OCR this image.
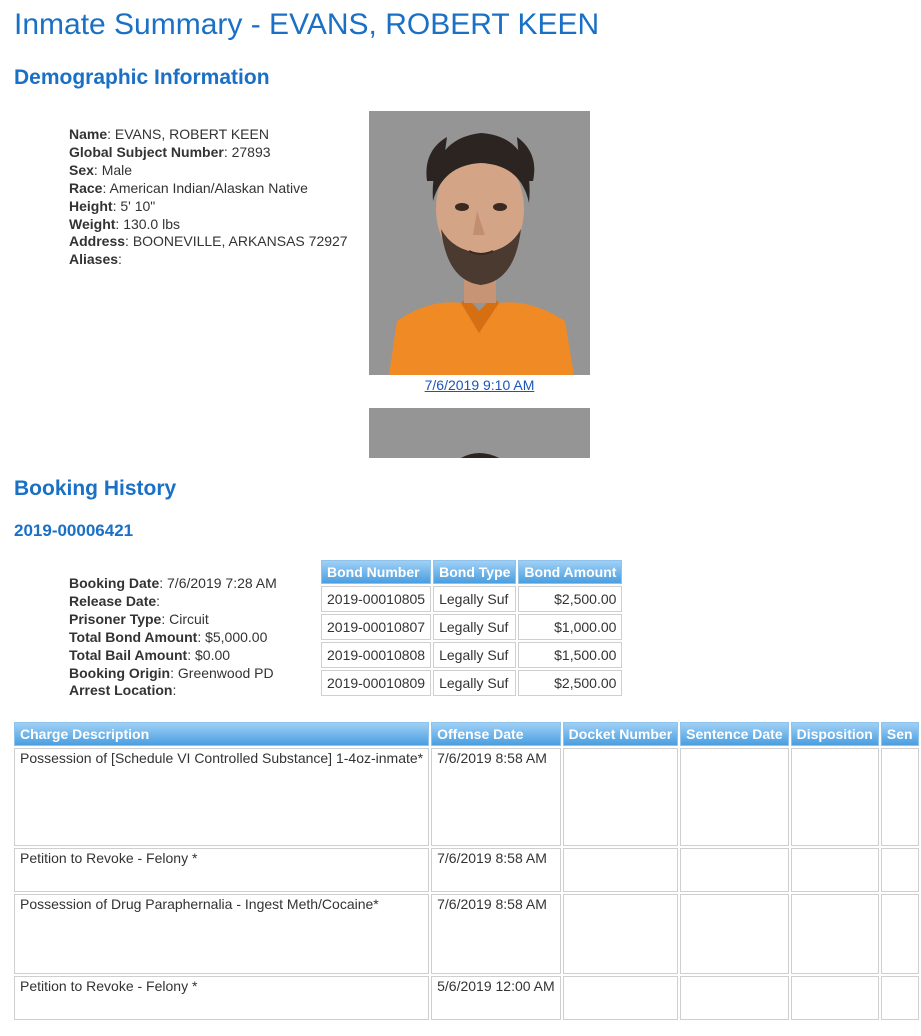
Inmate Summary - EVANS, ROBERT KEEN
Demographic Information
Name: EVANS, ROBERT KEEN
Global Subject Number: 27893
Sex: Male
Race: American Indian/Alaskan Native
Height: 5' 10"
Weight: 130.0 lbs
Address: BOONEVILLE, ARKANSAS 72927
Aliases:
7/6/2019 9:10 AM
Booking History
2019-00006421
Booking Date: 7/6/2019 7:28 AM
Release Date:
Prisoner Type: Circuit
Total Bond Amount: $5,000.00
Total Bail Amount: $0.00
Booking Origin: Greenwood PD
Arrest Location:
Bond Number	Bond Type	Bond Amount
2019-00010805	Legally Suf	$2,500.00
2019-00010807	Legally Suf	$1,000.00
2019-00010808	Legally Suf	$1,500.00
2019-00010809	Legally Suf	$2,500.00
Charge Description	Offense Date	Docket Number	Sentence Date	Disposition	Sen
Possession of [Schedule VI Controlled Substance] 1-4oz-inmate*	7/6/2019 8:58 AM				
Petition to Revoke - Felony *	7/6/2019 8:58 AM				
Possession of Drug Paraphernalia - Ingest Meth/Cocaine*	7/6/2019 8:58 AM				
Petition to Revoke - Felony *	5/6/2019 12:00 AM				
